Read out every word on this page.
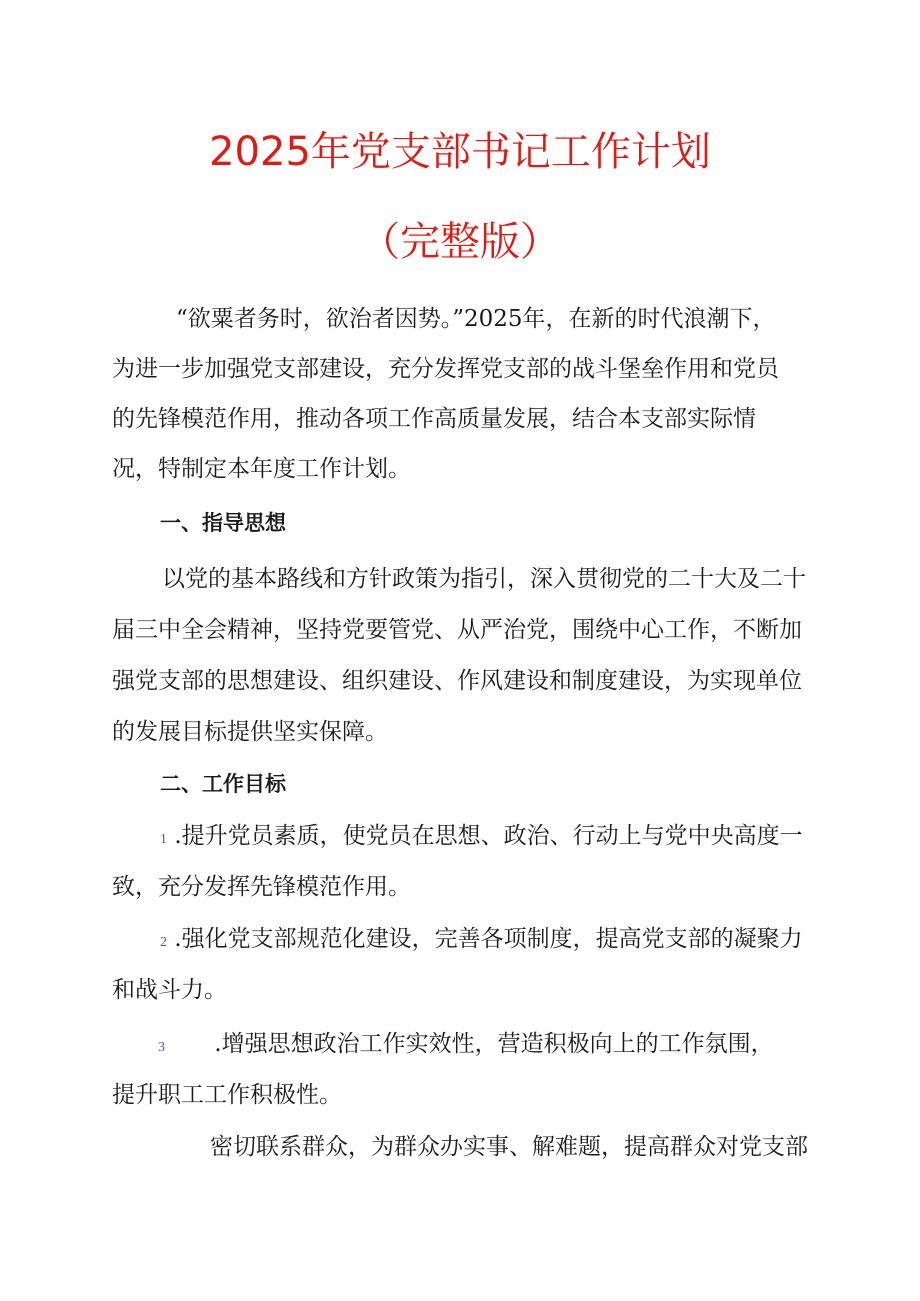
2025年党支部书记工作计划
（完整版）
“欲粟者务时，欲治者因势。”2025年，在新的时代浪潮下，
为进一步加强党支部建设，充分发挥党支部的战斗堡垒作用和党员
的先锋模范作用，推动各项工作高质量发展，结合本支部实际情
况，特制定本年度工作计划。
一、指导思想
以党的基本路线和方针政策为指引，深入贯彻党的二十大及二十
届三中全会精神，坚持党要管党、从严治党，围绕中心工作，不断加
强党支部的思想建设、组织建设、作风建设和制度建设，为实现单位
的发展目标提供坚实保障。
二、工作目标
1 .提升党员素质，使党员在思想、政治、行动上与党中央高度一
致，充分发挥先锋模范作用。
2 .强化党支部规范化建设，完善各项制度，提高党支部的凝聚力
和战斗力。
3 .增强思想政治工作实效性，营造积极向上的工作氛围，
提升职工工作积极性。
密切联系群众，为群众办实事、解难题，提高群众对党支部
